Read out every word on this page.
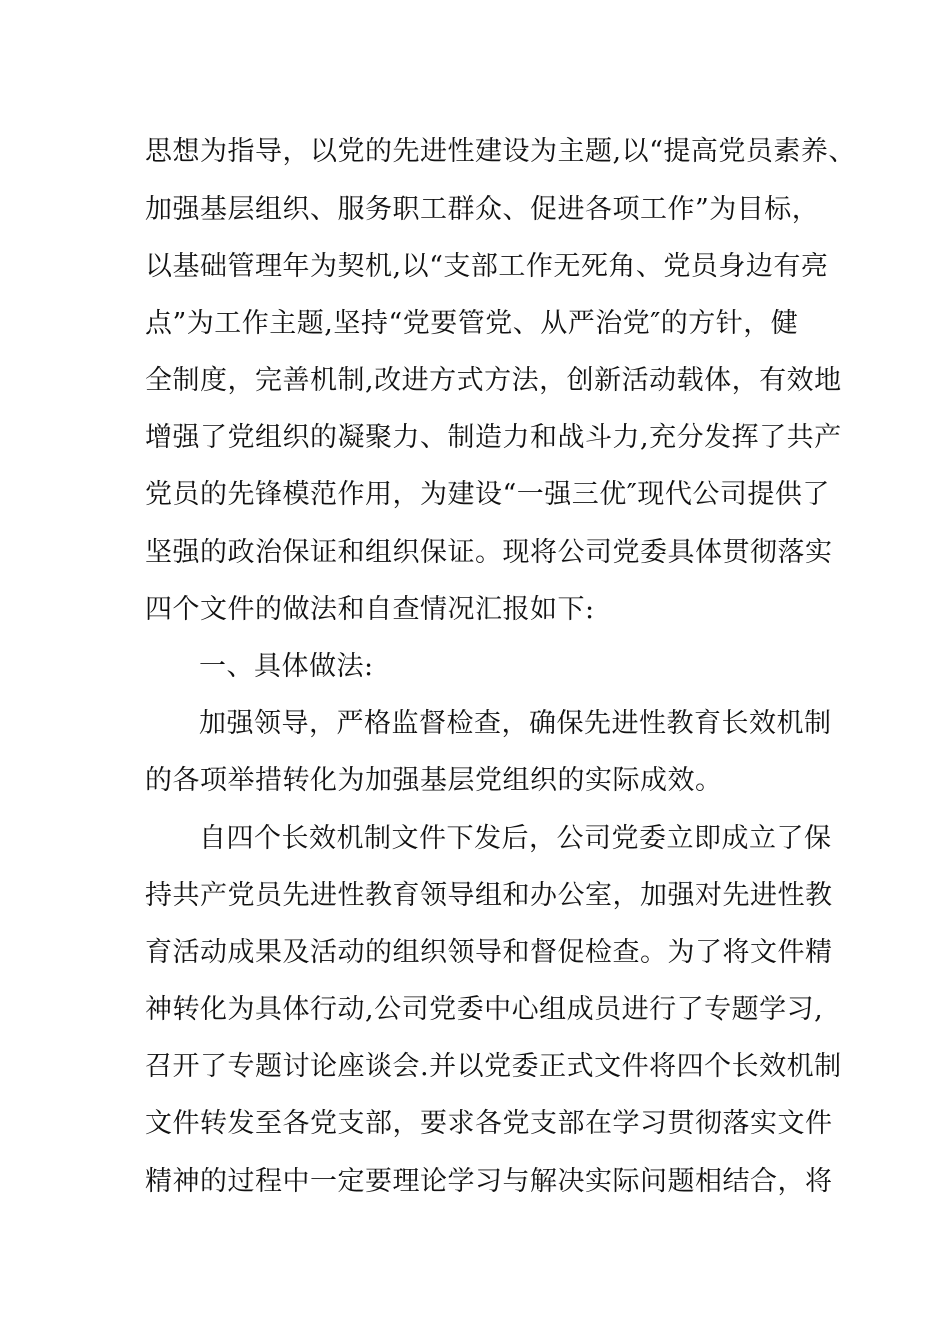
思想为指导，以党的先进性建设为主题,以“提高党员素养、
加强基层组织、服务职工群众、促进各项工作”为目标，
以基础管理年为契机,以“支部工作无死角、党员身边有亮
点”为工作主题,坚持“党要管党、从严治党″的方针，健
全制度，完善机制,改进方式方法，创新活动载体，有效地
增强了党组织的凝聚力、制造力和战斗力,充分发挥了共产
党员的先锋模范作用，为建设“一强三优″现代公司提供了
坚强的政治保证和组织保证。现将公司党委具体贯彻落实
四个文件的做法和自查情况汇报如下:
一、具体做法:
加强领导，严格监督检查，确保先进性教育长效机制
的各项举措转化为加强基层党组织的实际成效。
自四个长效机制文件下发后，公司党委立即成立了保
持共产党员先进性教育领导组和办公室，加强对先进性教
育活动成果及活动的组织领导和督促检查。为了将文件精
神转化为具体行动,公司党委中心组成员进行了专题学习,
召开了专题讨论座谈会.并以党委正式文件将四个长效机制
文件转发至各党支部，要求各党支部在学习贯彻落实文件
精神的过程中一定要理论学习与解决实际问题相结合，将
